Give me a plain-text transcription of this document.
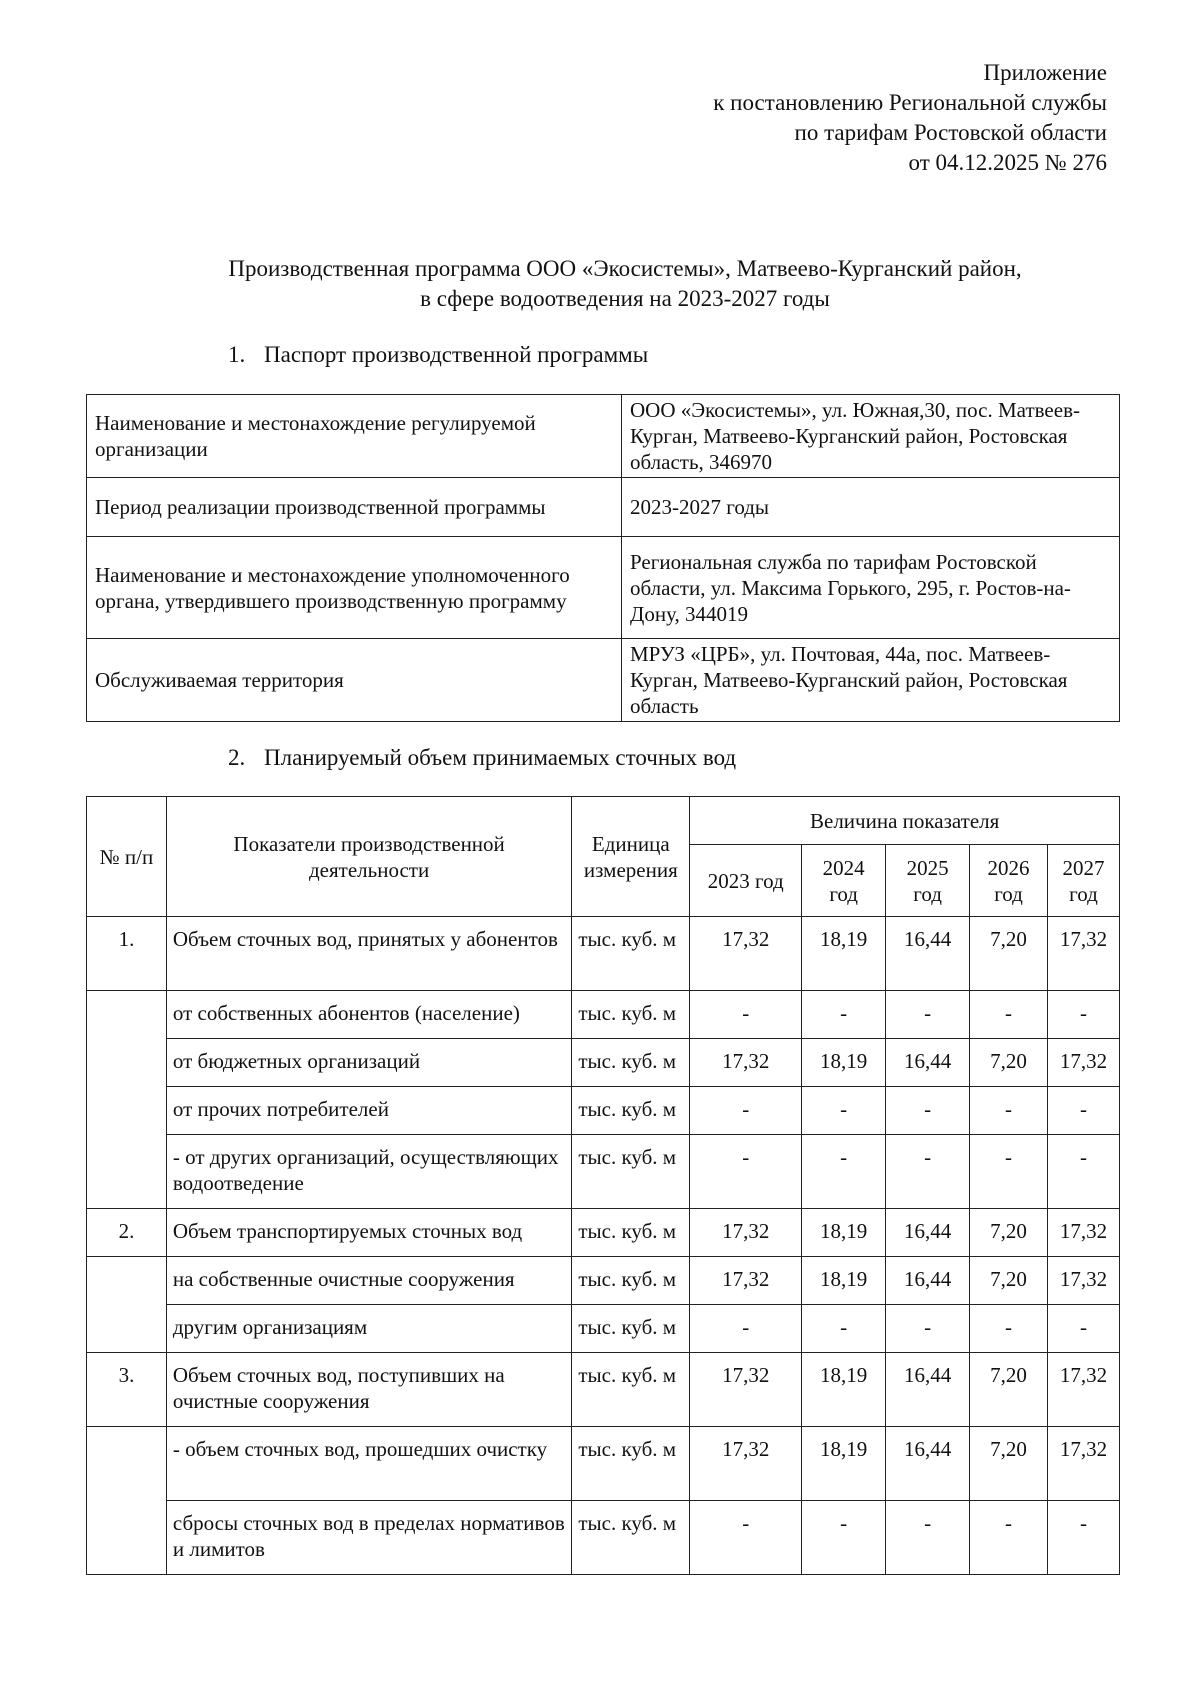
Приложение
к постановлению Региональной службы
по тарифам Ростовской области
от 04.12.2025 № 276
Производственная программа ООО «Экосистемы», Матвеево-Курганский район,
в сфере водоотведения на 2023-2027 годы
1. Паспорт производственной программы
Наименование и местонахождение регулируемой организации	ООО «Экосистемы», ул. Южная,30, пос. Матвеев-Курган, Матвеево-Курганский район, Ростовская область, 346970
Период реализации производственной программы	2023-2027 годы
Наименование и местонахождение уполномоченного органа, утвердившего производственную программу	Региональная служба по тарифам Ростовской области, ул. Максима Горького, 295, г. Ростов-на-Дону, 344019
Обслуживаемая территория	МРУЗ «ЦРБ», ул. Почтовая, 44а, пос. Матвеев-Курган, Матвеево-Курганский район, Ростовская область
2. Планируемый объем принимаемых сточных вод
№ п/п	Показатели производственной деятельности	Единица измерения	Величина показателя				
			2023 год	2024 год	2025 год	2026 год	2027 год
1.	Объем сточных вод, принятых у абонентов	тыс. куб. м	17,32	18,19	16,44	7,20	17,32
	от собственных абонентов (население)	тыс. куб. м	-	-	-	-	-
	от бюджетных организаций	тыс. куб. м	17,32	18,19	16,44	7,20	17,32
	от прочих потребителей	тыс. куб. м	-	-	-	-	-
	- от других организаций, осуществляющих водоотведение	тыс. куб. м	-	-	-	-	-
2.	Объем транспортируемых сточных вод	тыс. куб. м	17,32	18,19	16,44	7,20	17,32
	на собственные очистные сооружения	тыс. куб. м	17,32	18,19	16,44	7,20	17,32
	другим организациям	тыс. куб. м	-	-	-	-	-
3.	Объем сточных вод, поступивших на очистные сооружения	тыс. куб. м	17,32	18,19	16,44	7,20	17,32
	- объем сточных вод, прошедших очистку	тыс. куб. м	17,32	18,19	16,44	7,20	17,32
	сбросы сточных вод в пределах нормативов и лимитов	тыс. куб. м	-	-	-	-	-
